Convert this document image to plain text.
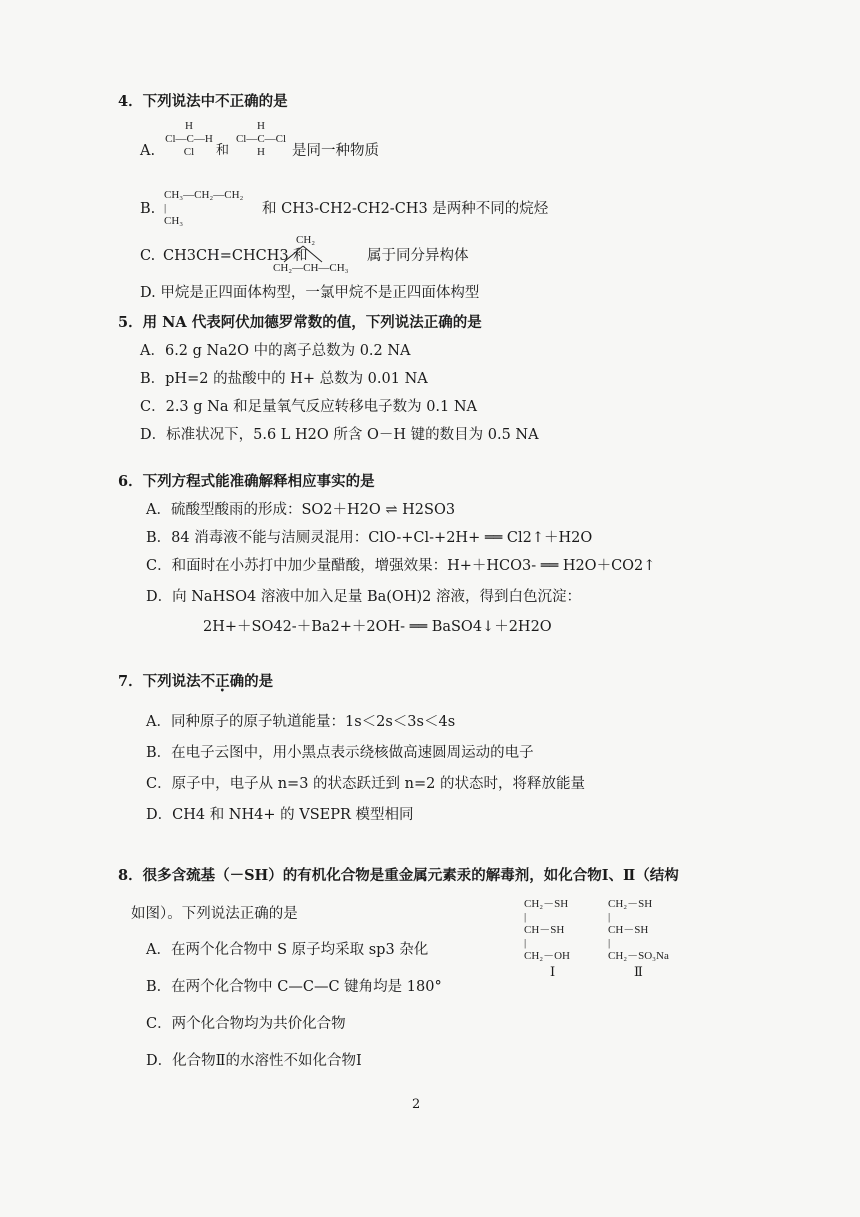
4．下列说法中不正确的是
A.
H
Cl—C—H
Cl	和
H
Cl—C—Cl
H	是同一种物质
B.
CH₃—CH₂—CH₂
|
CH₃
和 CH3-CH2-CH2-CH3 是两种不同的烷烃
C. CH3CH=CHCH3 和
CH₂
CH₂—CH—CH₃
属于同分异构体
D. 甲烷是正四面体构型，一氯甲烷不是正四面体构型
5．用 NA 代表阿伏加德罗常数的值，下列说法正确的是
A．6.2 g Na2O 中的离子总数为 0.2 NA
B．pH=2 的盐酸中的 H+ 总数为 0.01 NA
C．2.3 g Na 和足量氧气反应转移电子数为 0.1 NA
D．标准状况下，5.6 L H2O 所含 O－H 键的数目为 0.5 NA
6．下列方程式能准确解释相应事实的是
A．硫酸型酸雨的形成：SO2＋H2O ⇌ H2SO3
B．84 消毒液不能与洁厕灵混用：ClO-+Cl-+2H+ ══ Cl2↑＋H2O
C．和面时在小苏打中加少量醋酸，增强效果：H+＋HCO3- ══ H2O＋CO2↑
D．向 NaHSO4 溶液中加入足量 Ba(OH)2 溶液，得到白色沉淀：
2H+＋SO42-＋Ba2+＋2OH- ══ BaSO4↓＋2H2O
7．下列说法不正确的是
A．同种原子的原子轨道能量：1s＜2s＜3s＜4s
B．在电子云图中，用小黑点表示绕核做高速圆周运动的电子
C．原子中，电子从 n=3 的状态跃迁到 n=2 的状态时，将释放能量
D．CH4 和 NH4+ 的 VSEPR 模型相同
8．很多含巯基（－SH）的有机化合物是重金属元素汞的解毒剂，如化合物Ⅰ、Ⅱ（结构
如图）。下列说法正确的是
A．在两个化合物中 S 原子均采取 sp3 杂化
B．在两个化合物中 C—C—C 键角均是 180°
C．两个化合物均为共价化合物
D．化合物Ⅱ的水溶性不如化合物Ⅰ
CH₂－SH
|
CH－SH
|
CH₂－OH
Ⅰ
CH₂－SH
|
CH－SH
|
CH₂－SO₃Na
Ⅱ
2
